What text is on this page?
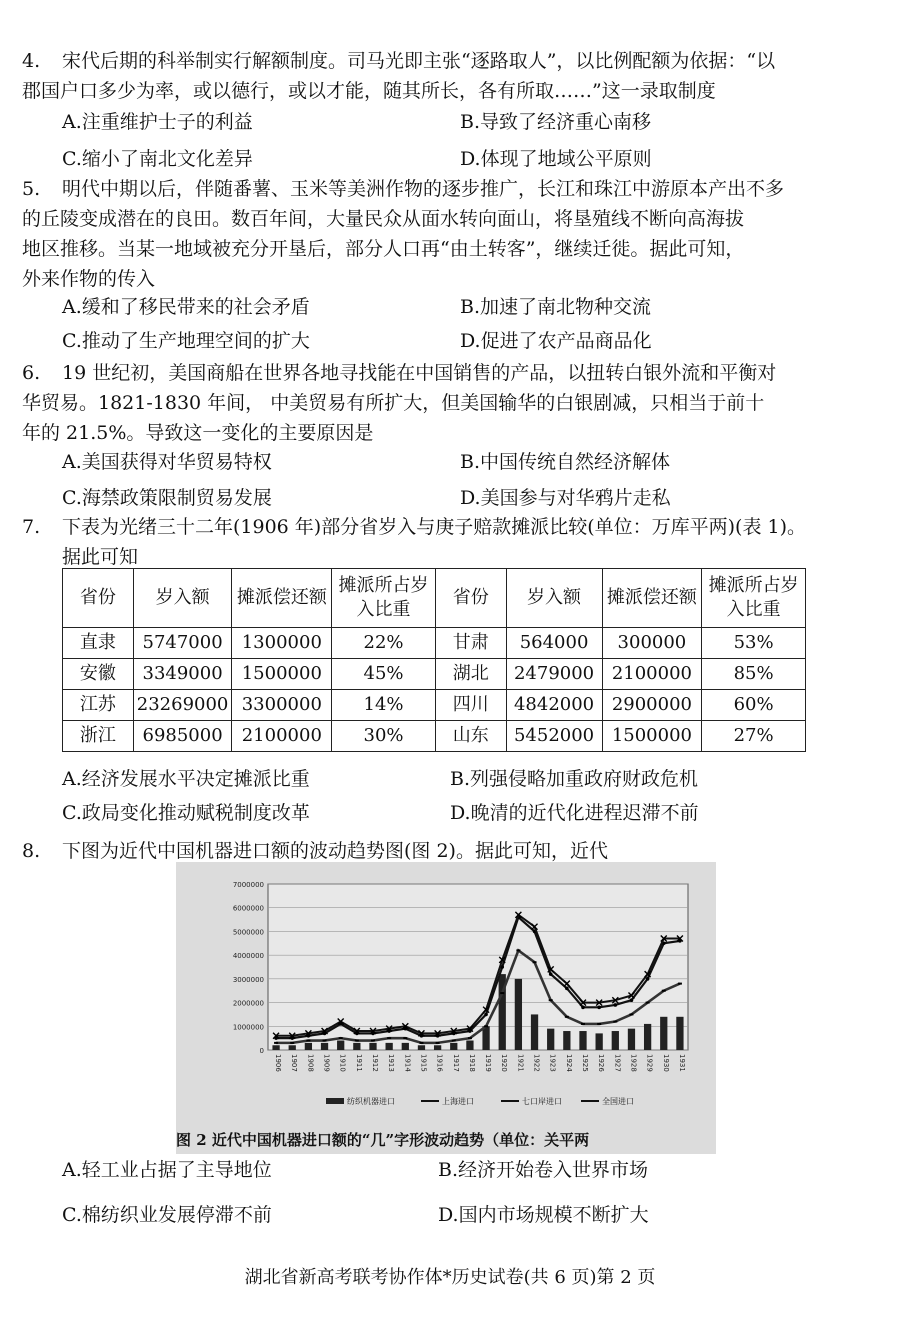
4. 宋代后期的科举制实行解额制度。司马光即主张“逐路取人”，以比例配额为依据：“以
郡国户口多少为率，或以德行，或以才能，随其所长，各有所取……”这一录取制度
A.注重维护士子的利益	B.导致了经济重心南移
C.缩小了南北文化差异	D.体现了地域公平原则
5. 明代中期以后，伴随番薯、玉米等美洲作物的逐步推广，长江和珠江中游原本产出不多
的丘陵变成潜在的良田。数百年间，大量民众从面水转向面山，将垦殖线不断向高海拔
地区推移。当某一地域被充分开垦后，部分人口再“由土转客”，继续迁徙。据此可知，
外来作物的传入
A.缓和了移民带来的社会矛盾	B.加速了南北物种交流
C.推动了生产地理空间的扩大	D.促进了农产品商品化
6. 19 世纪初，美国商船在世界各地寻找能在中国销售的产品，以扭转白银外流和平衡对
华贸易。1821-1830 年间， 中美贸易有所扩大，但美国输华的白银剧减，只相当于前十
年的 21.5%。导致这一变化的主要原因是
A.美国获得对华贸易特权	B.中国传统自然经济解体
C.海禁政策限制贸易发展	D.美国参与对华鸦片走私
7. 下表为光绪三十二年(1906 年)部分省岁入与庚子赔款摊派比较(单位：万库平两)(表 1)。
据此可知
省份	岁入额	摊派偿还额	摊派所占岁入比重	省份	岁入额	摊派偿还额	摊派所占岁入比重
直隶	5747000	1300000	22%	甘肃	564000	300000	53%
安徽	3349000	1500000	45%	湖北	2479000	2100000	85%
江苏	23269000	3300000	14%	四川	4842000	2900000	60%
浙江	6985000	2100000	30%	山东	5452000	1500000	27%
A.经济发展水平决定摊派比重	B.列强侵略加重政府财政危机
C.政局变化推动赋税制度改革	D.晚清的近代化进程迟滞不前
8. 下图为近代中国机器进口额的波动趋势图(图 2)。据此可知，近代
7000000
6000000
5000000
4000000
3000000
2000000
1000000
0
1906 1907 1908 1909 1910 1911 1912 1913 1914 1915 1916 1917 1918 1919 1920 1921 1922 1923 1924 1925 1926 1927 1928 1929 1930 1931
纺织机器进口	上海进口	七口岸进口	全国进口
图 2 近代中国机器进口额的“几”字形波动趋势（单位：关平两
A.轻工业占据了主导地位	B.经济开始卷入世界市场
C.棉纺织业发展停滞不前	D.国内市场规模不断扩大
湖北省新高考联考协作体*历史试卷(共 6 页)第 2 页
